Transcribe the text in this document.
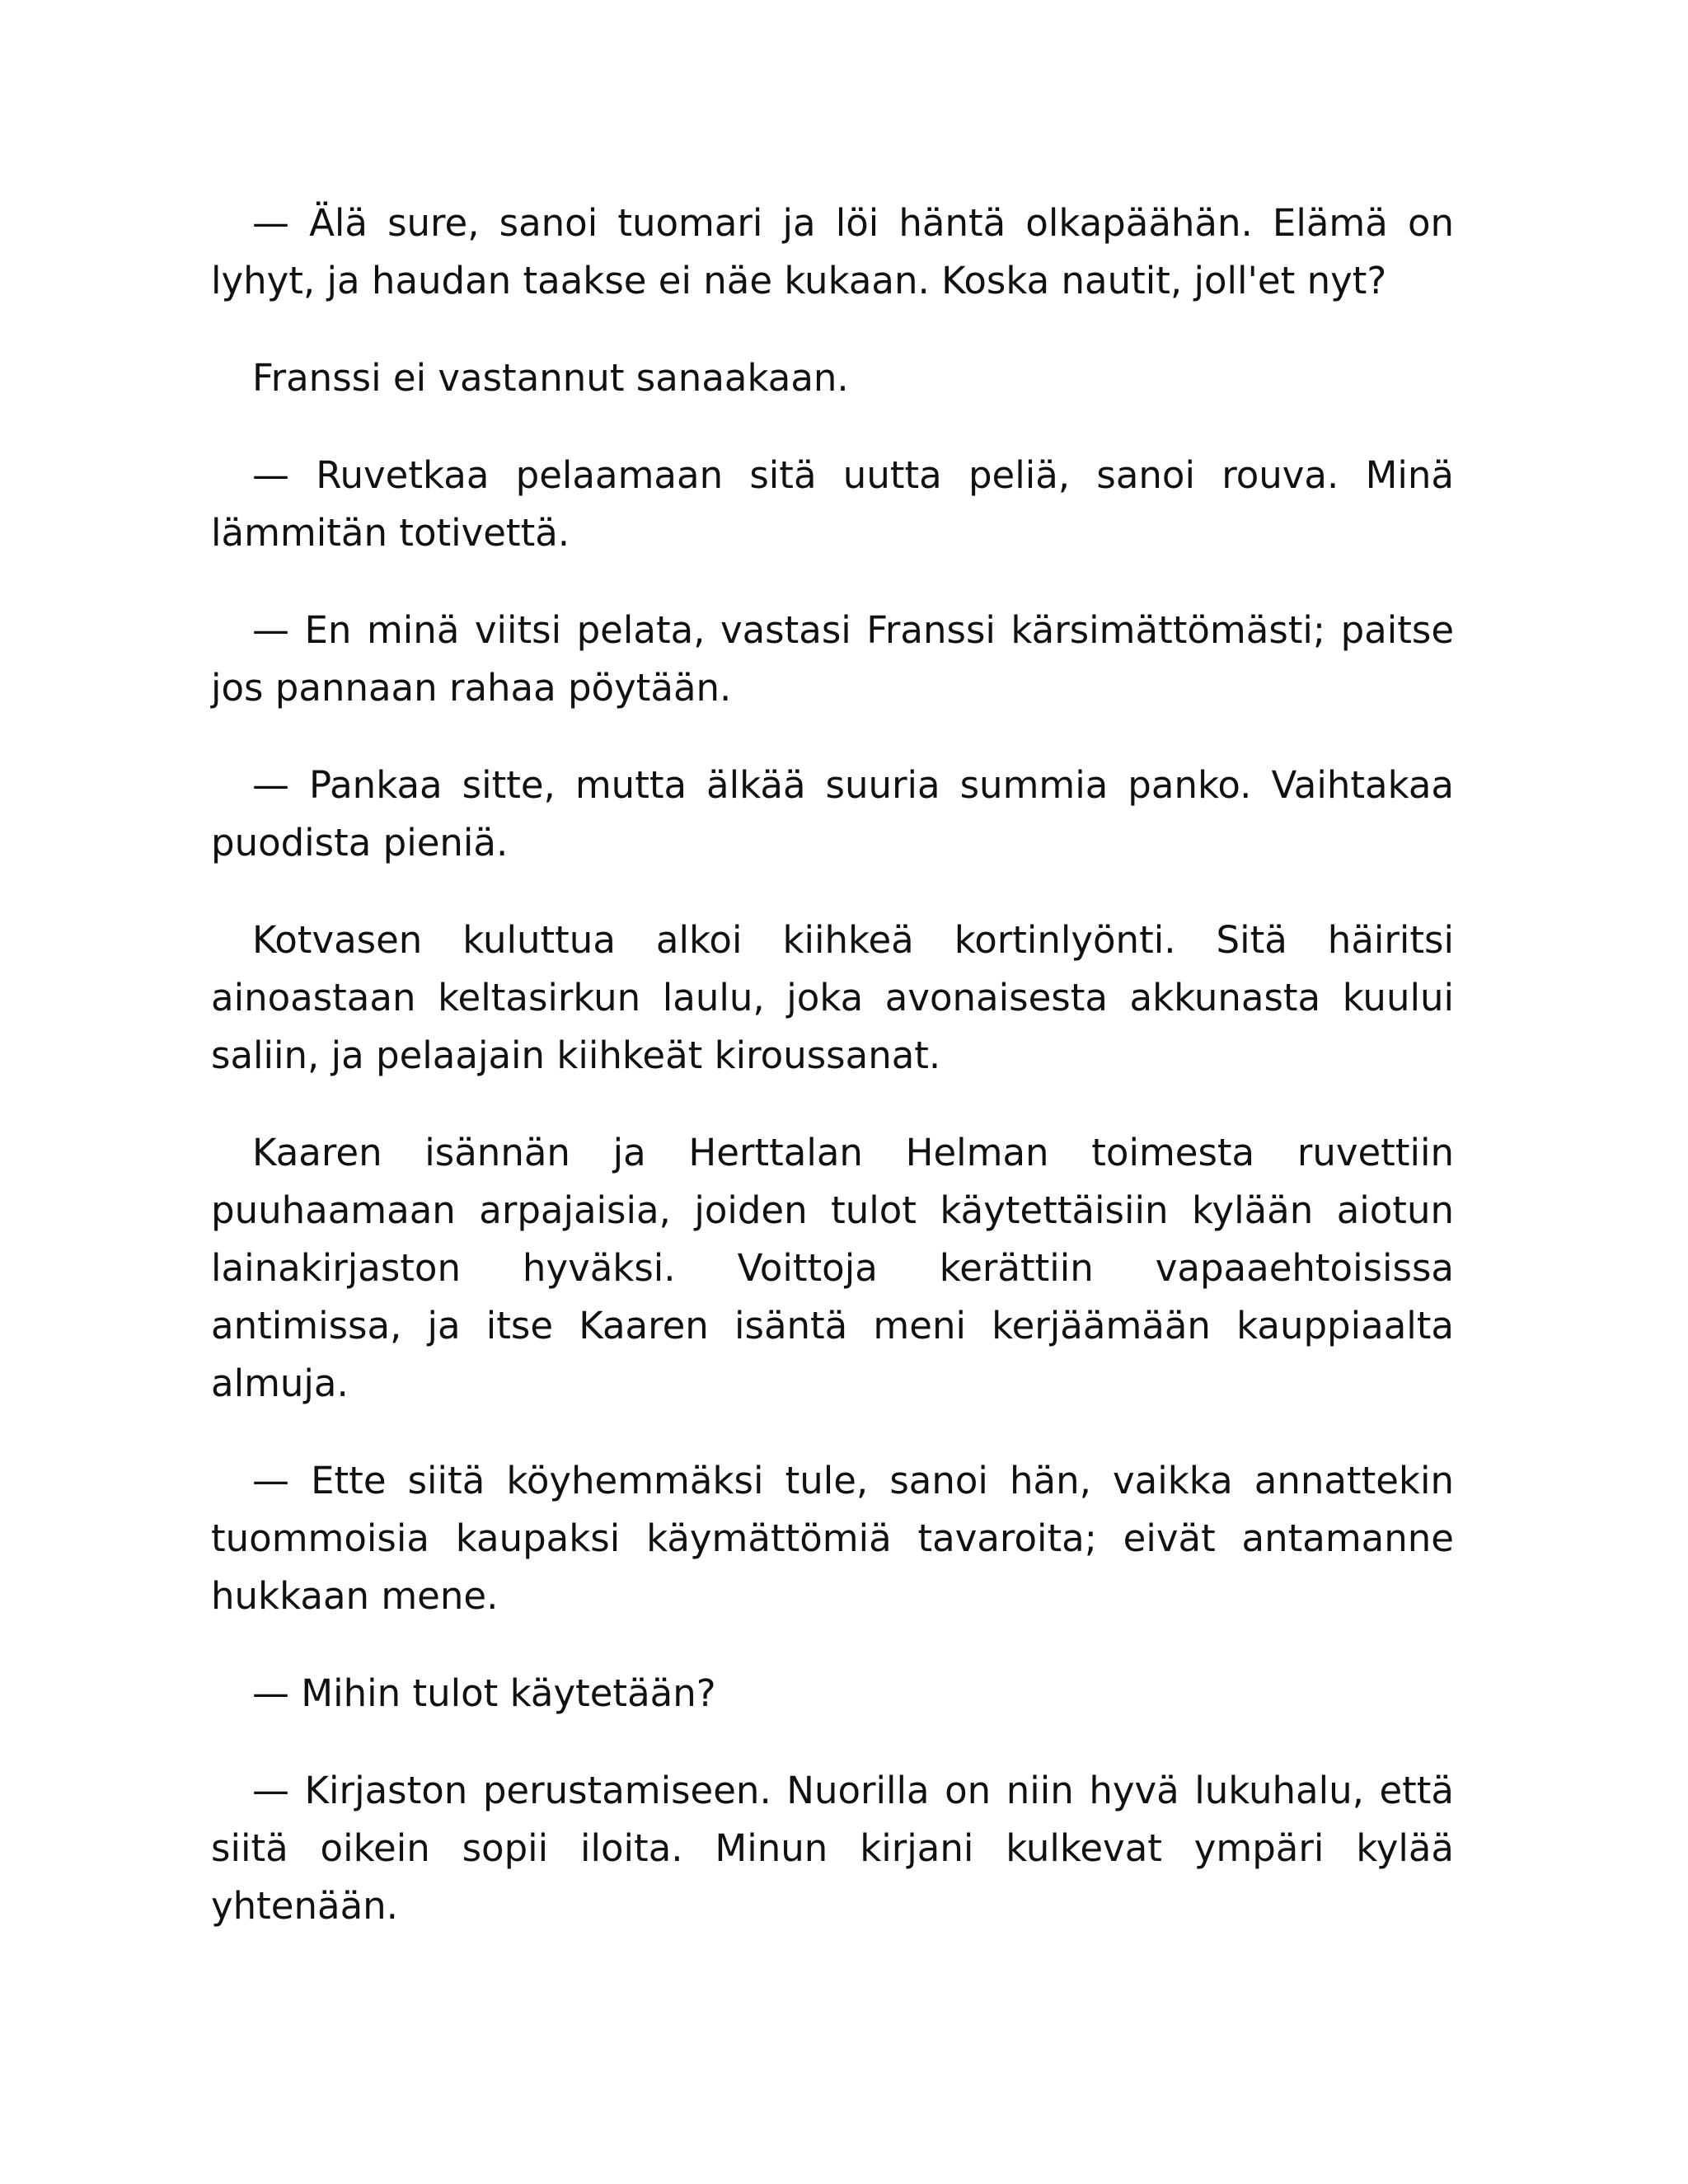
— Älä sure, sanoi tuomari ja löi häntä olkapäähän. Elämä on lyhyt, ja haudan taakse ei näe kukaan. Koska nautit, joll'et nyt?

Franssi ei vastannut sanaakaan.

— Ruvetkaa pelaamaan sitä uutta peliä, sanoi rouva. Minä lämmitän totivettä.

— En minä viitsi pelata, vastasi Franssi kärsimättömästi; paitse jos pannaan rahaa pöytään.

— Pankaa sitte, mutta älkää suuria summia panko. Vaihtakaa puodista pieniä.

Kotvasen kuluttua alkoi kiihkeä kortinlyönti. Sitä häiritsi ainoastaan keltasirkun laulu, joka avonaisesta akkunasta kuului saliin, ja pelaajain kiihkeät kiroussanat.

Kaaren isännän ja Herttalan Helman toimesta ruvettiin puuhaamaan arpajaisia, joiden tulot käytettäisiin kylään aiotun lainakirjaston hyväksi. Voittoja kerättiin vapaaehtoisissa antimissa, ja itse Kaaren isäntä meni kerjäämään kauppiaalta almuja.

— Ette siitä köyhemmäksi tule, sanoi hän, vaikka annattekin tuommoisia kaupaksi käymättömiä tavaroita; eivät antamanne hukkaan mene.

— Mihin tulot käytetään?

— Kirjaston perustamiseen. Nuorilla on niin hyvä lukuhalu, että siitä oikein sopii iloita. Minun kirjani kulkevat ympäri kylää yhtenään.
